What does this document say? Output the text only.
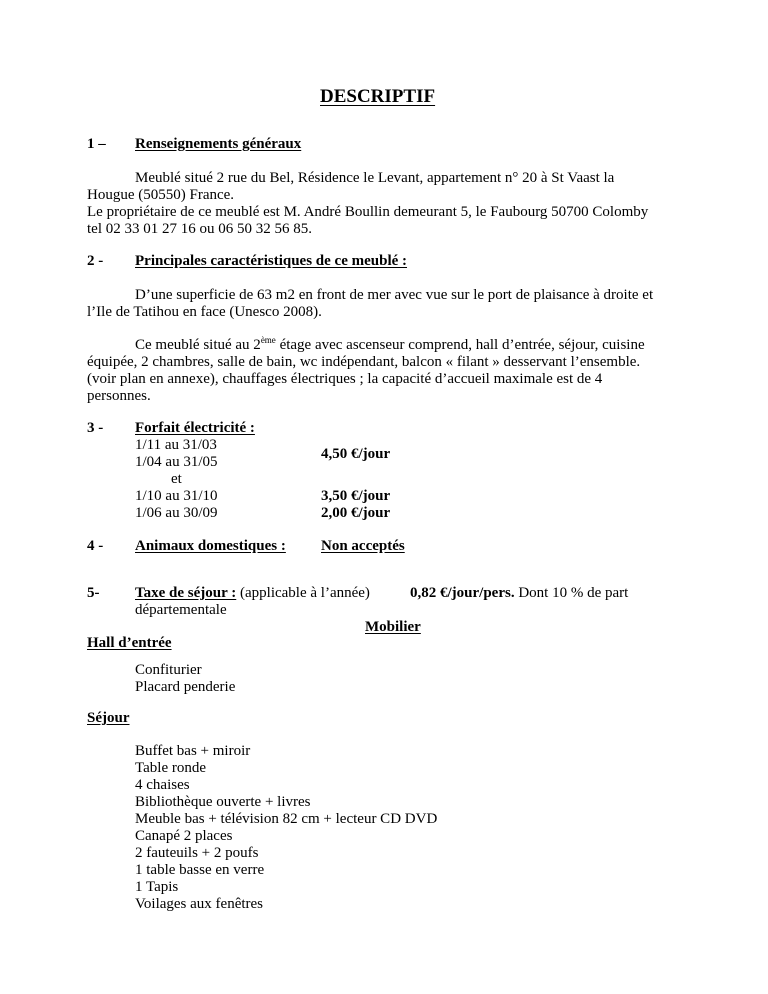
DESCRIPTIF
1 – Renseignements généraux
Meublé situé 2 rue du Bel, Résidence le Levant, appartement n° 20 à St Vaast la
Hougue (50550) France.
Le propriétaire de ce meublé est M. André Boullin demeurant 5, le Faubourg 50700 Colomby
tel 02 33 01 27 16 ou 06 50 32 56 85.
2 - Principales caractéristiques de ce meublé :
D’une superficie de 63 m2 en front de mer avec vue sur le port de plaisance à droite et
l’Ile de Tatihou en face (Unesco 2008).
Ce meublé situé au 2ème étage avec ascenseur comprend, hall d’entrée, séjour, cuisine
équipée, 2 chambres, salle de bain, wc indépendant, balcon « filant » desservant l’ensemble.
(voir plan en annexe), chauffages électriques ; la capacité d’accueil maximale est de 4
personnes.
3 - Forfait électricité :
1/11 au 31/03
1/04 au 31/05
et
1/10 au 31/10
1/06 au 30/09
4,50 €/jour
3,50 €/jour
2,00 €/jour
4 - Animaux domestiques : Non acceptés
5- Taxe de séjour : (applicable à l’année)	0,82 €/jour/pers. Dont 10 % de part
départementale
Mobilier
Hall d’entrée
Confiturier
Placard penderie
Séjour
Buffet bas + miroir
Table ronde
4 chaises
Bibliothèque ouverte + livres
Meuble bas + télévision 82 cm + lecteur CD DVD
Canapé 2 places
2 fauteuils + 2 poufs
1 table basse en verre
1 Tapis
Voilages aux fenêtres
